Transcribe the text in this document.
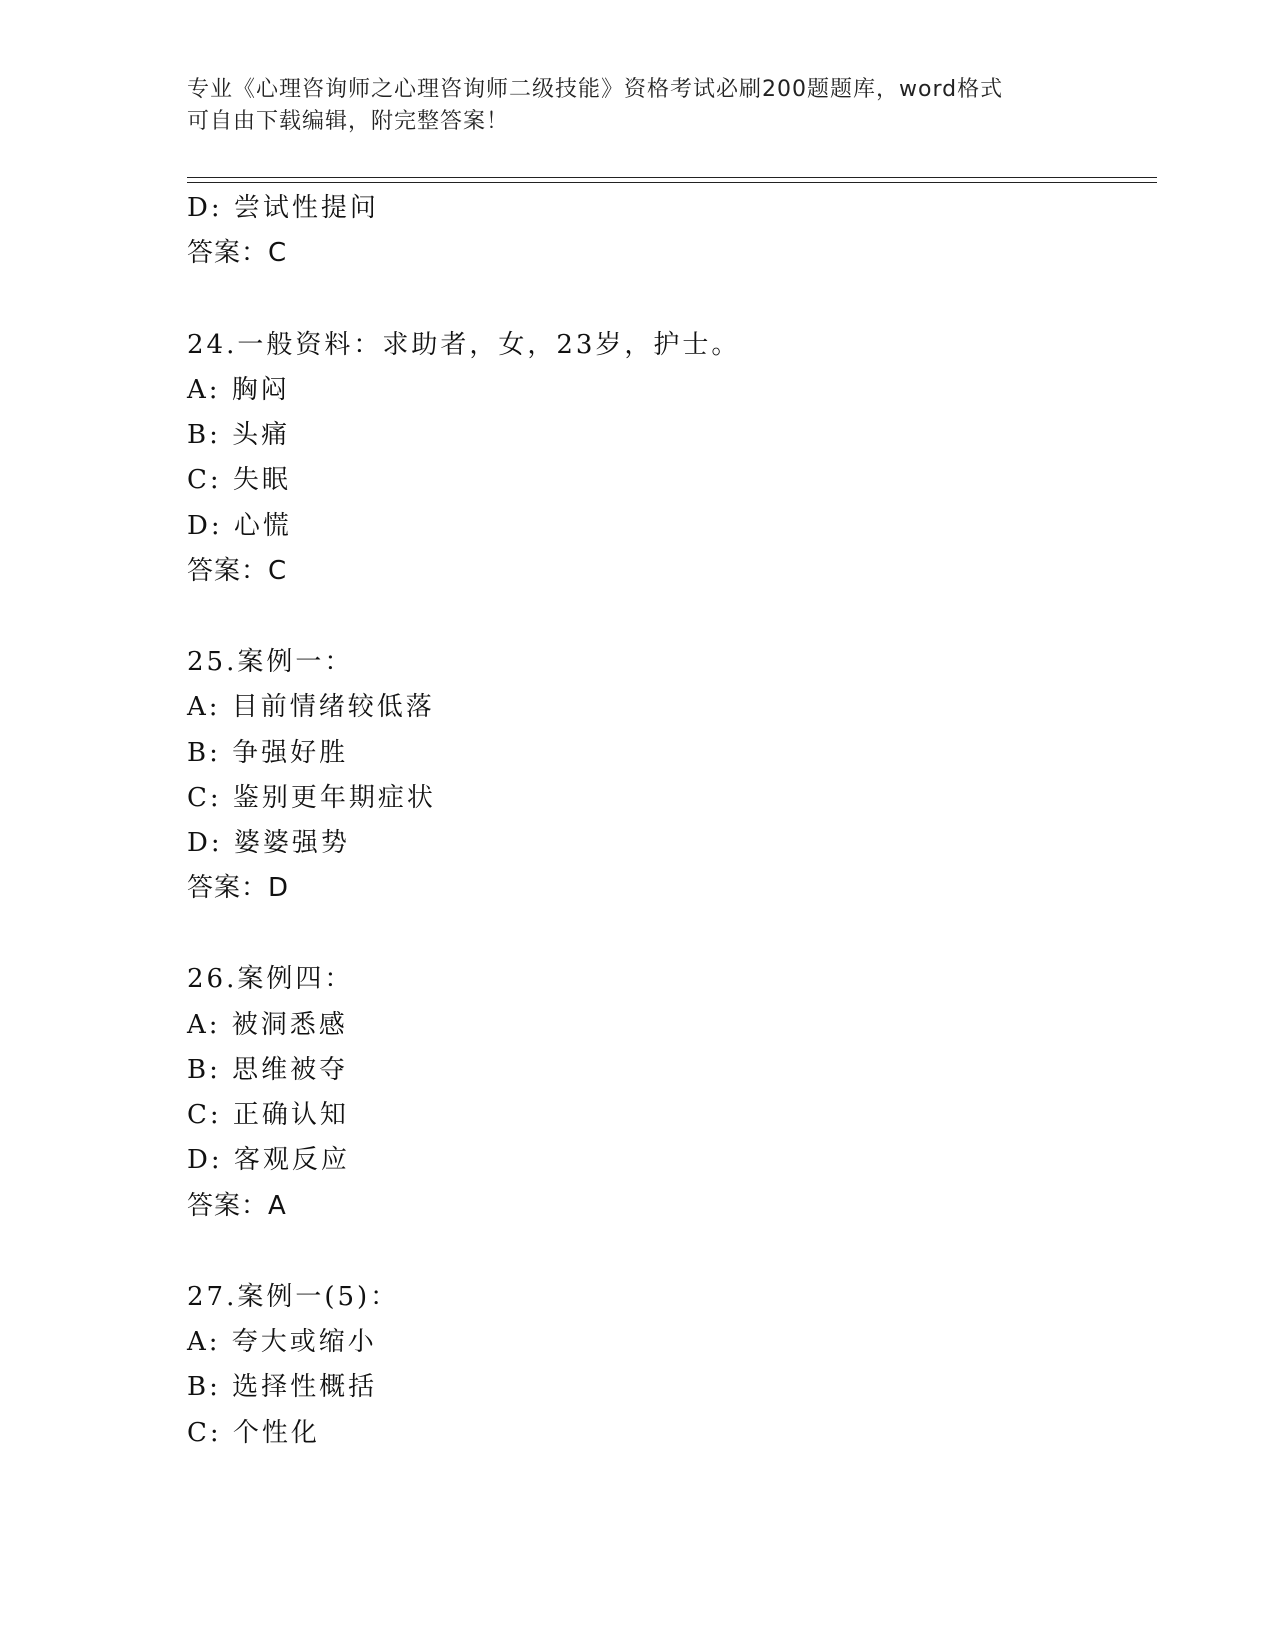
专业《心理咨询师之心理咨询师二级技能》资格考试必刷200题题库，word格式
可自由下载编辑，附完整答案！
D: 尝试性提问
答案：C
24.一般资料：求助者，女，23岁，护士。
A: 胸闷
B: 头痛
C: 失眠
D: 心慌
答案：C
25.案例一：
A: 目前情绪较低落
B: 争强好胜
C: 鉴别更年期症状
D: 婆婆强势
答案：D
26.案例四：
A: 被洞悉感
B: 思维被夺
C: 正确认知
D: 客观反应
答案：A
27.案例一(5)：
A: 夸大或缩小
B: 选择性概括
C: 个性化
